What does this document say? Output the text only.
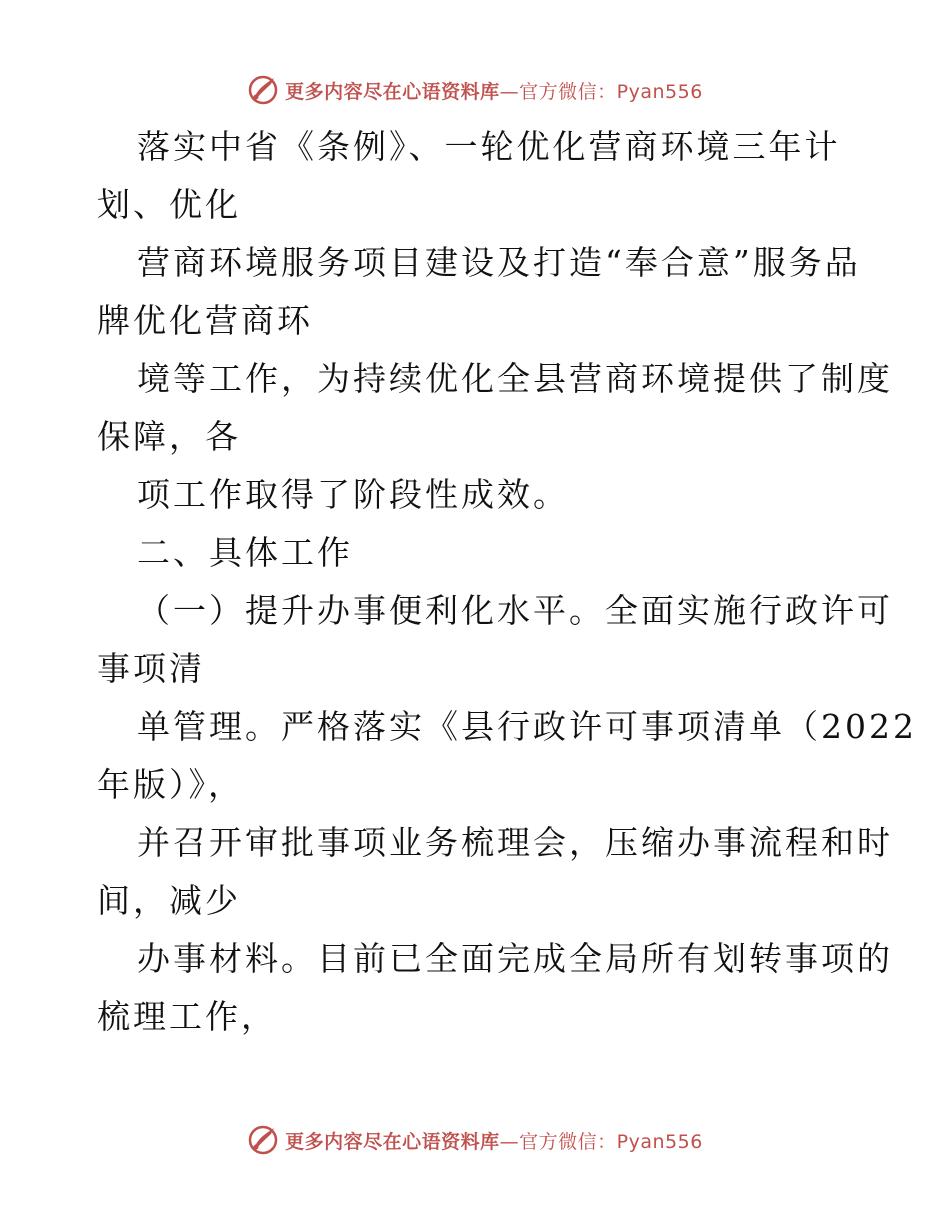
更多内容尽在心语资料库—官方微信：Pyan556
落实中省《条例》、一轮优化营商环境三年计
划、优化
营商环境服务项目建设及打造“奉合意”服务品
牌优化营商环
境等工作，为持续优化全县营商环境提供了制度
保障，各
项工作取得了阶段性成效。
二、具体工作
（一）提升办事便利化水平。全面实施行政许可
事项清
单管理。严格落实《县行政许可事项清单（2022
年版）》，
并召开审批事项业务梳理会，压缩办事流程和时
间，减少
办事材料。目前已全面完成全局所有划转事项的
梳理工作，
更多内容尽在心语资料库—官方微信：Pyan556
